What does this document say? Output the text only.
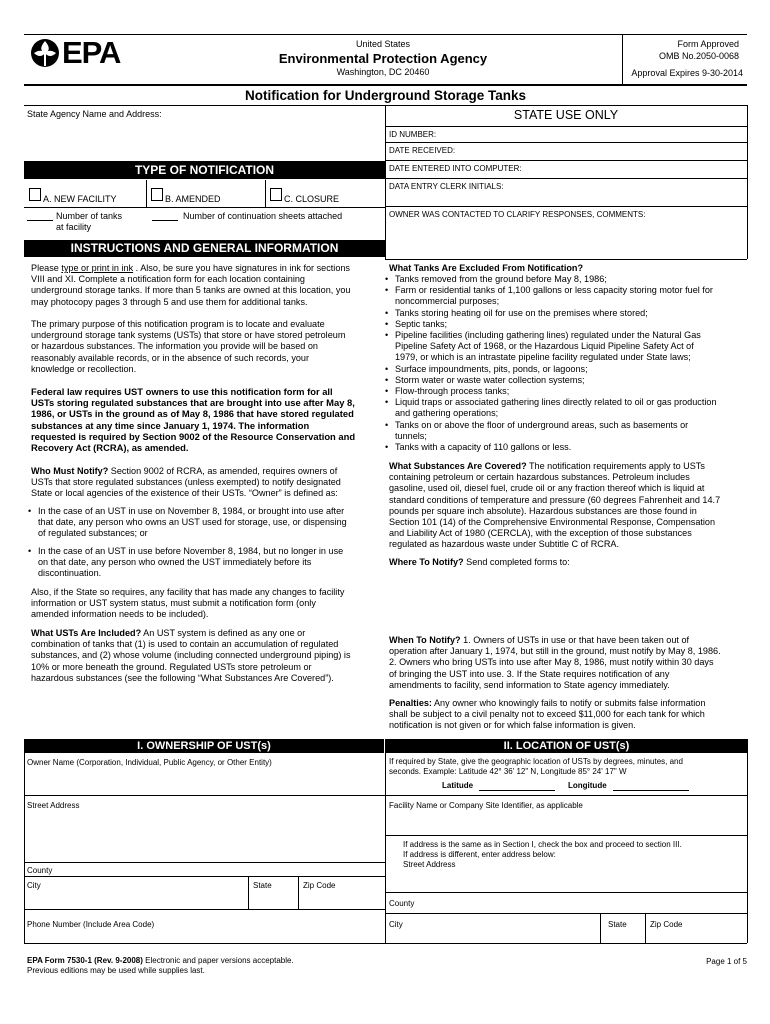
EPA	United States
Environmental Protection Agency
Washington, DC 20460
Form Approved
OMB No.2050-0068
Approval Expires 9-30-2014
Notification for Underground Storage Tanks
State Agency Name and Address:	STATE USE ONLY
ID NUMBER:
DATE RECEIVED:
DATE ENTERED INTO COMPUTER:
DATA ENTRY CLERK INITIALS:
OWNER WAS CONTACTED TO CLARIFY RESPONSES, COMMENTS:
TYPE OF NOTIFICATION
A. NEW FACILITY	B. AMENDED	C. CLOSURE
Number of tanks
at facility
Number of continuation sheets attached
INSTRUCTIONS AND GENERAL INFORMATION
Please type or print in ink . Also, be sure you have signatures in ink for sections
VIII and XI. Complete a notification form for each location containing
underground storage tanks. If more than 5 tanks are owned at this location, you
may photocopy pages 3 through 5 and use them for additional tanks.
The primary purpose of this notification program is to locate and evaluate
underground storage tank systems (USTs) that store or have stored petroleum
or hazardous substances. The information you provide will be based on
reasonably available records, or in the absence of such records, your
knowledge or recollection.
Federal law requires UST owners to use this notification form for all
USTs storing regulated substances that are brought into use after May 8,
1986, or USTs in the ground as of May 8, 1986 that have stored regulated
substances at any time since January 1, 1974. The information
requested is required by Section 9002 of the Resource Conservation and
Recovery Act (RCRA), as amended.
Who Must Notify? Section 9002 of RCRA, as amended, requires owners of
USTs that store regulated substances (unless exempted) to notify designated
State or local agencies of the existence of their USTs. “Owner” is defined as:
• In the case of an UST in use on November 8, 1984, or brought into use after
that date, any person who owns an UST used for storage, use, or dispensing
of regulated substances; or
• In the case of an UST in use before November 8, 1984, but no longer in use
on that date, any person who owned the UST immediately before its
discontinuation.
Also, if the State so requires, any facility that has made any changes to facility
information or UST system status, must submit a notification form (only
amended information needs to be included).
What USTs Are Included? An UST system is defined as any one or
combination of tanks that (1) is used to contain an accumulation of regulated
substances, and (2) whose volume (including connected underground piping) is
10% or more beneath the ground. Regulated USTs store petroleum or
hazardous substances (see the following “What Substances Are Covered”).
What Tanks Are Excluded From Notification?
• Tanks removed from the ground before May 8, 1986;
• Farm or residential tanks of 1,100 gallons or less capacity storing motor fuel for
noncommercial purposes;
• Tanks storing heating oil for use on the premises where stored;
• Septic tanks;
• Pipeline facilities (including gathering lines) regulated under the Natural Gas
Pipeline Safety Act of 1968, or the Hazardous Liquid Pipeline Safety Act of
1979, or which is an intrastate pipeline facility regulated under State laws;
• Surface impoundments, pits, ponds, or lagoons;
• Storm water or waste water collection systems;
• Flow-through process tanks;
• Liquid traps or associated gathering lines directly related to oil or gas production
and gathering operations;
• Tanks on or above the floor of underground areas, such as basements or
tunnels;
• Tanks with a capacity of 110 gallons or less.
What Substances Are Covered? The notification requirements apply to USTs
containing petroleum or certain hazardous substances. Petroleum includes
gasoline, used oil, diesel fuel, crude oil or any fraction thereof which is liquid at
standard conditions of temperature and pressure (60 degrees Fahrenheit and 14.7
pounds per square inch absolute). Hazardous substances are those found in
Section 101 (14) of the Comprehensive Environmental Response, Compensation
and Liability Act of 1980 (CERCLA), with the exception of those substances
regulated as hazardous waste under Subtitle C of RCRA.
Where To Notify? Send completed forms to:
When To Notify? 1. Owners of USTs in use or that have been taken out of
operation after January 1, 1974, but still in the ground, must notify by May 8, 1986.
2. Owners who bring USTs into use after May 8, 1986, must notify within 30 days
of bringing the UST into use. 3. If the State requires notification of any
amendments to facility, send information to State agency immediately.
Penalties: Any owner who knowingly fails to notify or submits false information
shall be subject to a civil penalty not to exceed $11,000 for each tank for which
notification is not given or for which false information is given.
I. OWNERSHIP OF UST(s)	II. LOCATION OF UST(s)
Owner Name (Corporation, Individual, Public Agency, or Other Entity)
Street Address
County
City	State	Zip Code
Phone Number (Include Area Code)
If required by State, give the geographic location of USTs by degrees, minutes, and
seconds. Example: Latitude 42° 36' 12" N, Longitude 85° 24' 17" W
Latitude	Longitude
Facility Name or Company Site Identifier, as applicable
If address is the same as in Section I, check the box and proceed to section III.
If address is different, enter address below:
Street Address
County
City	State	Zip Code
EPA Form 7530-1 (Rev. 9-2008) Electronic and paper versions acceptable.
Previous editions may be used while supplies last.
Page 1 of 5
